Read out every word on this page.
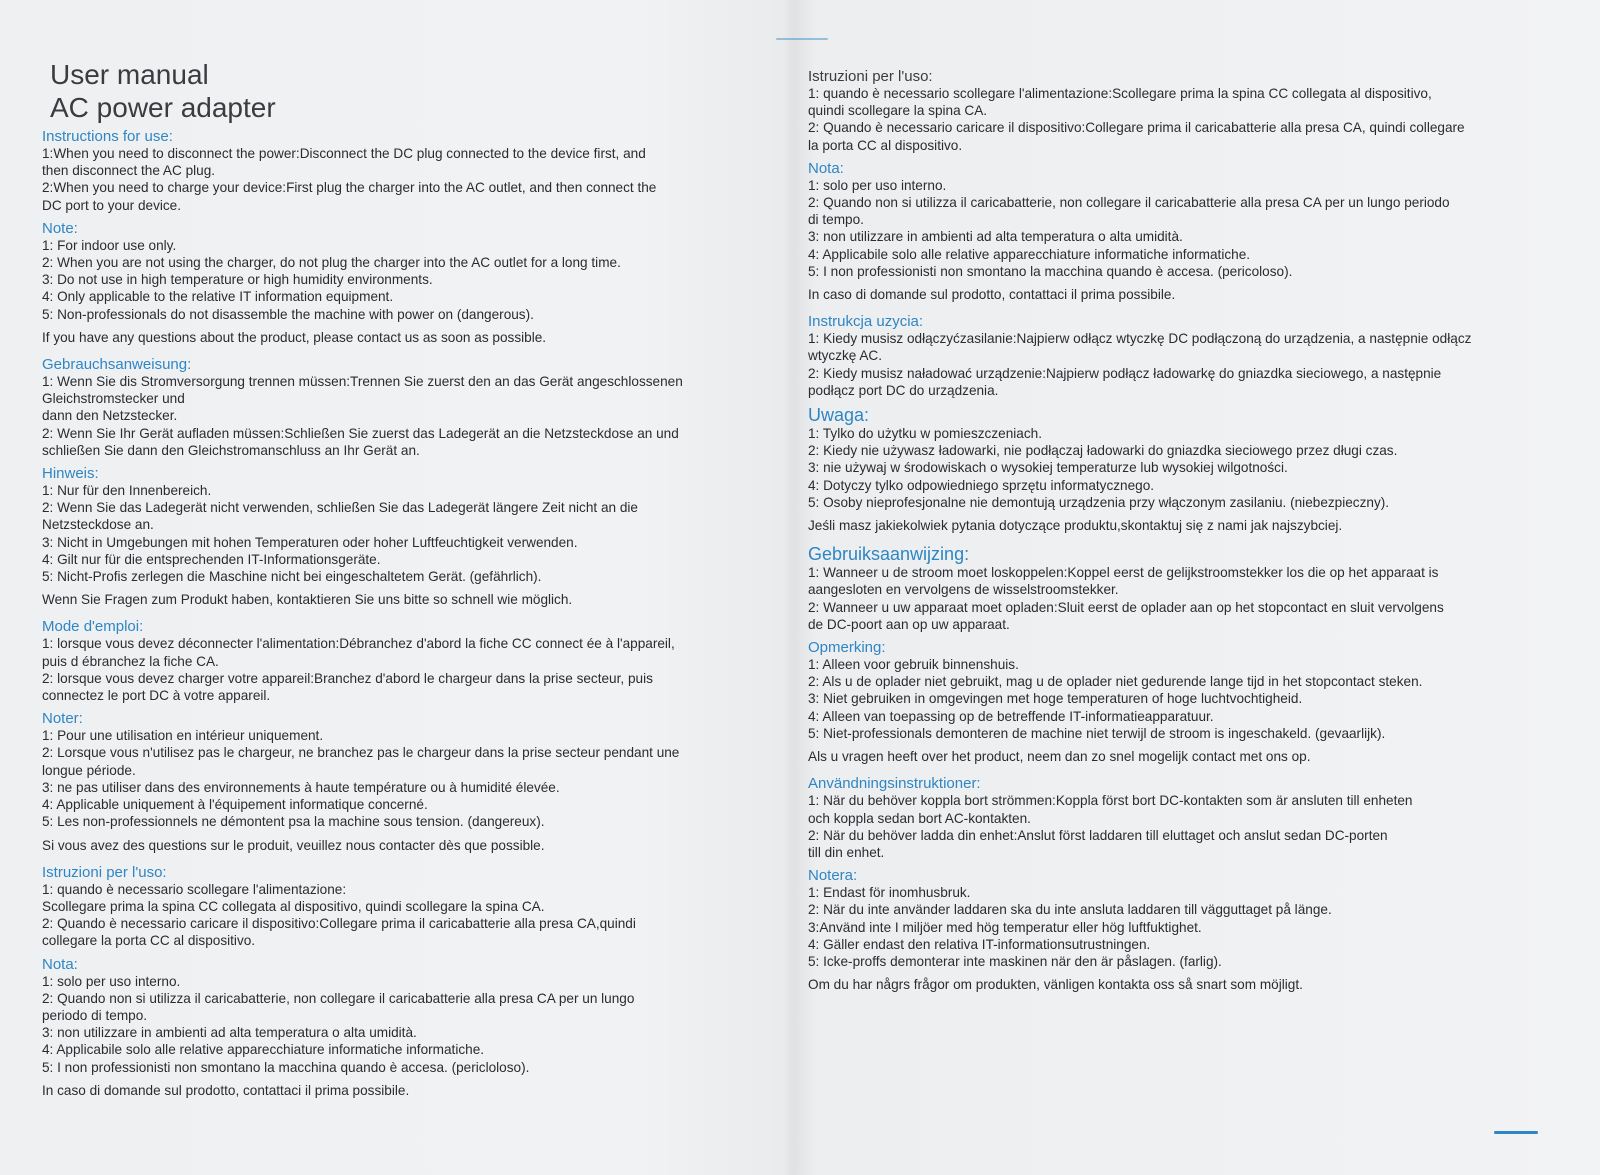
User manual
AC power adapter
Instructions for use:
1:When you need to disconnect the power:Disconnect the DC plug connected to the device first, and
then disconnect the AC plug.
2:When you need to charge your device:First plug the charger into the AC outlet, and then connect the
DC port to your device.
Note:
1: For indoor use only.
2: When you are not using the charger, do not plug the charger into the AC outlet for a long time.
3: Do not use in high temperature or high humidity environments.
4: Only applicable to the relative IT information equipment.
5: Non-professionals do not disassemble the machine with power on (dangerous).
If you have any questions about the product, please contact us as soon as possible.
Gebrauchsanweisung:
1: Wenn Sie dis Stromversorgung trennen müssen:Trennen Sie zuerst den an das Gerät angeschlossenen
Gleichstromstecker und
dann den Netzstecker.
2: Wenn Sie Ihr Gerät aufladen müssen:Schließen Sie zuerst das Ladegerät an die Netzsteckdose an und
schließen Sie dann den Gleichstromanschluss an Ihr Gerät an.
Hinweis:
1: Nur für den Innenbereich.
2: Wenn Sie das Ladegerät nicht verwenden, schließen Sie das Ladegerät längere Zeit nicht an die
Netzsteckdose an.
3: Nicht in Umgebungen mit hohen Temperaturen oder hoher Luftfeuchtigkeit verwenden.
4: Gilt nur für die entsprechenden IT-Informationsgeräte.
5: Nicht-Profis zerlegen die Maschine nicht bei eingeschaltetem Gerät. (gefährlich).
Wenn Sie Fragen zum Produkt haben, kontaktieren Sie uns bitte so schnell wie möglich.
Mode d'emploi:
1: lorsque vous devez déconnecter l'alimentation:Débranchez d'abord la fiche CC connect ée à l'appareil,
puis d ébranchez la fiche CA.
2: lorsque vous devez charger votre appareil:Branchez d'abord le chargeur dans la prise secteur, puis
connectez le port DC à votre appareil.
Noter:
1: Pour une utilisation en intérieur uniquement.
2: Lorsque vous n'utilisez pas le chargeur, ne branchez pas le chargeur dans la prise secteur pendant une
longue période.
3: ne pas utiliser dans des environnements à haute température ou à humidité élevée.
4: Applicable uniquement à l'équipement informatique concerné.
5: Les non-professionnels ne démontent psa la machine sous tension. (dangereux).
Si vous avez des questions sur le produit, veuillez nous contacter dès que possible.
Istruzioni per l'uso:
1: quando è necessario scollegare l'alimentazione:
Scollegare prima la spina CC collegata al dispositivo, quindi scollegare la spina CA.
2: Quando è necessario caricare il dispositivo:Collegare prima il caricabatterie alla presa CA,quindi
collegare la porta CC al dispositivo.
Nota:
1: solo per uso interno.
2: Quando non si utilizza il caricabatterie, non collegare il caricabatterie alla presa CA per un lungo
periodo di tempo.
3: non utilizzare in ambienti ad alta temperatura o alta umidità.
4: Applicabile solo alle relative apparecchiature informatiche informatiche.
5: I non professionisti non smontano la macchina quando è accesa. (pericloloso).
In caso di domande sul prodotto, contattaci il prima possibile.
Istruzioni per l'uso:
1: quando è necessario scollegare l'alimentazione:Scollegare prima la spina CC collegata al dispositivo,
quindi scollegare la spina CA.
2: Quando è necessario caricare il dispositivo:Collegare prima il caricabatterie alla presa CA, quindi collegare
la porta CC al dispositivo.
Nota:
1: solo per uso interno.
2: Quando non si utilizza il caricabatterie, non collegare il caricabatterie alla presa CA per un lungo periodo
di tempo.
3: non utilizzare in ambienti ad alta temperatura o alta umidità.
4: Applicabile solo alle relative apparecchiature informatiche informatiche.
5: I non professionisti non smontano la macchina quando è accesa. (pericoloso).
In caso di domande sul prodotto, contattaci il prima possibile.
Instrukcja uzycia:
1: Kiedy musisz odłączyćzasilanie:Najpierw odłącz wtyczkę DC podłączoną do urządzenia, a następnie odłącz
wtyczkę AC.
2: Kiedy musisz naładować urządzenie:Najpierw podłącz ładowarkę do gniazdka sieciowego, a następnie
podłącz port DC do urządzenia.
Uwaga:
1: Tylko do użytku w pomieszczeniach.
2: Kiedy nie używasz ładowarki, nie podłączaj ładowarki do gniazdka sieciowego przez długi czas.
3: nie używaj w środowiskach o wysokiej temperaturze lub wysokiej wilgotności.
4: Dotyczy tylko odpowiedniego sprzętu informatycznego.
5: Osoby nieprofesjonalne nie demontują urządzenia przy włączonym zasilaniu. (niebezpieczny).
Jeśli masz jakiekolwiek pytania dotyczące produktu,skontaktuj się z nami jak najszybciej.
Gebruiksaanwijzing:
1: Wanneer u de stroom moet loskoppelen:Koppel eerst de gelijkstroomstekker los die op het apparaat is
aangesloten en vervolgens de wisselstroomstekker.
2: Wanneer u uw apparaat moet opladen:Sluit eerst de oplader aan op het stopcontact en sluit vervolgens
de DC-poort aan op uw apparaat.
Opmerking:
1: Alleen voor gebruik binnenshuis.
2: Als u de oplader niet gebruikt, mag u de oplader niet gedurende lange tijd in het stopcontact steken.
3: Niet gebruiken in omgevingen met hoge temperaturen of hoge luchtvochtigheid.
4: Alleen van toepassing op de betreffende IT-informatieapparatuur.
5: Niet-professionals demonteren de machine niet terwijl de stroom is ingeschakeld. (gevaarlijk).
Als u vragen heeft over het product, neem dan zo snel mogelijk contact met ons op.
Användningsinstruktioner:
1: När du behöver koppla bort strömmen:Koppla först bort DC-kontakten som är ansluten till enheten
och koppla sedan bort AC-kontakten.
2: När du behöver ladda din enhet:Anslut först laddaren till eluttaget och anslut sedan DC-porten
till din enhet.
Notera:
1: Endast för inomhusbruk.
2: När du inte använder laddaren ska du inte ansluta laddaren till vägguttaget på länge.
3:Använd inte I miljöer med hög temperatur eller hög luftfuktighet.
4: Gäller endast den relativa IT-informationsutrustningen.
5: Icke-proffs demonterar inte maskinen när den är påslagen. (farlig).
Om du har någrs frågor om produkten, vänligen kontakta oss så snart som möjligt.
